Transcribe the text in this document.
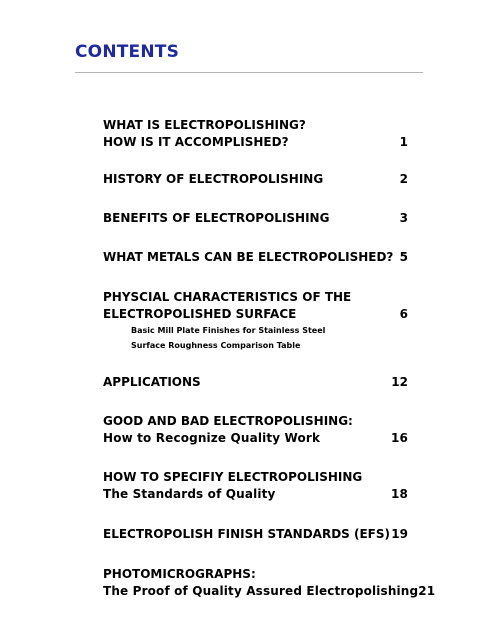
CONTENTS
WHAT IS ELECTROPOLISHING?
HOW IS IT ACCOMPLISHED?	1
HISTORY OF ELECTROPOLISHING	2
BENEFITS OF ELECTROPOLISHING	3
WHAT METALS CAN BE ELECTROPOLISHED? 5
PHYSCIAL CHARACTERISTICS OF THE
ELECTROPOLISHED SURFACE	6
Basic Mill Plate Finishes for Stainless Steel
Surface Roughness Comparison Table
APPLICATIONS	12
GOOD AND BAD ELECTROPOLISHING:
How to Recognize Quality Work	16
HOW TO SPECIFIY ELECTROPOLISHING
The Standards of Quality	18
ELECTROPOLISH FINISH STANDARDS (EFS) 19
PHOTOMICROGRAPHS:
The Proof of Quality Assured Electropolishing 21
